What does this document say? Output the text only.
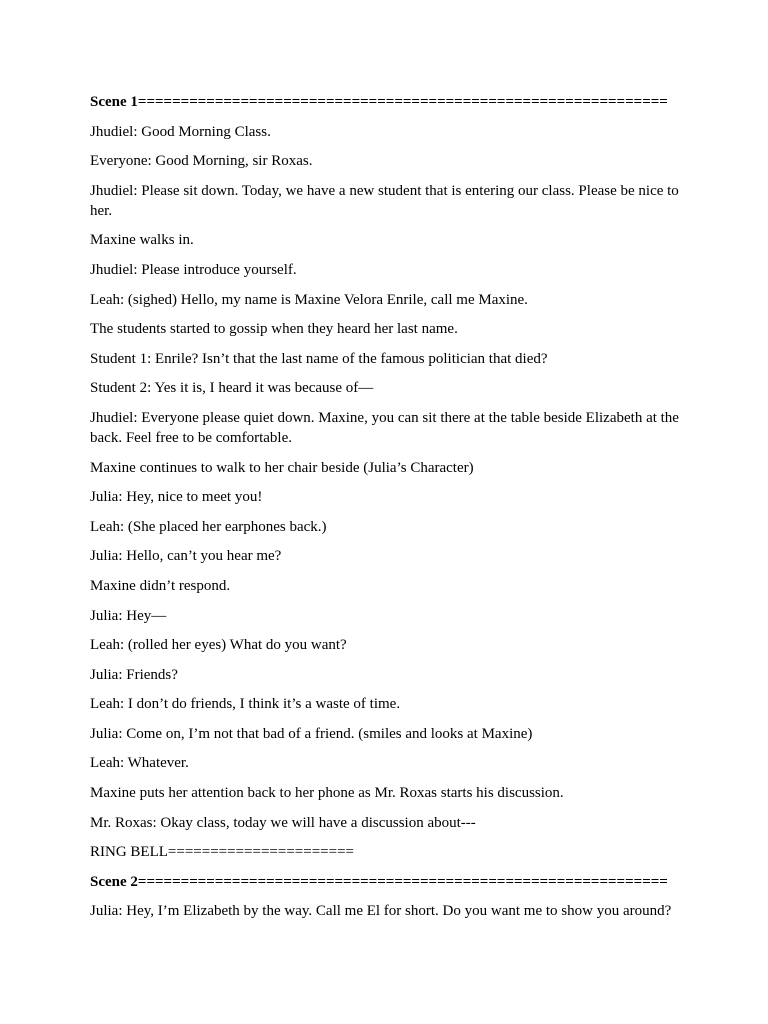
Scene 1==============================================================

Jhudiel: Good Morning Class.

Everyone: Good Morning, sir Roxas.

Jhudiel: Please sit down. Today, we have a new student that is entering our class. Please be nice to her.

Maxine walks in.

Jhudiel: Please introduce yourself.

Leah: (sighed) Hello, my name is Maxine Velora Enrile, call me Maxine.

The students started to gossip when they heard her last name.

Student 1: Enrile? Isn’t that the last name of the famous politician that died?

Student 2: Yes it is, I heard it was because of—

Jhudiel: Everyone please quiet down. Maxine, you can sit there at the table beside Elizabeth at the back. Feel free to be comfortable.

Maxine continues to walk to her chair beside (Julia’s Character)

Julia: Hey, nice to meet you!

Leah: (She placed her earphones back.)

Julia: Hello, can’t you hear me?

Maxine didn’t respond.

Julia: Hey—

Leah: (rolled her eyes) What do you want?

Julia: Friends?

Leah: I don’t do friends, I think it’s a waste of time.

Julia: Come on, I’m not that bad of a friend. (smiles and looks at Maxine)

Leah: Whatever.

Maxine puts her attention back to her phone as Mr. Roxas starts his discussion.

Mr. Roxas: Okay class, today we will have a discussion about---

RING BELL======================

Scene 2==============================================================

Julia: Hey, I’m Elizabeth by the way. Call me El for short. Do you want me to show you around?
